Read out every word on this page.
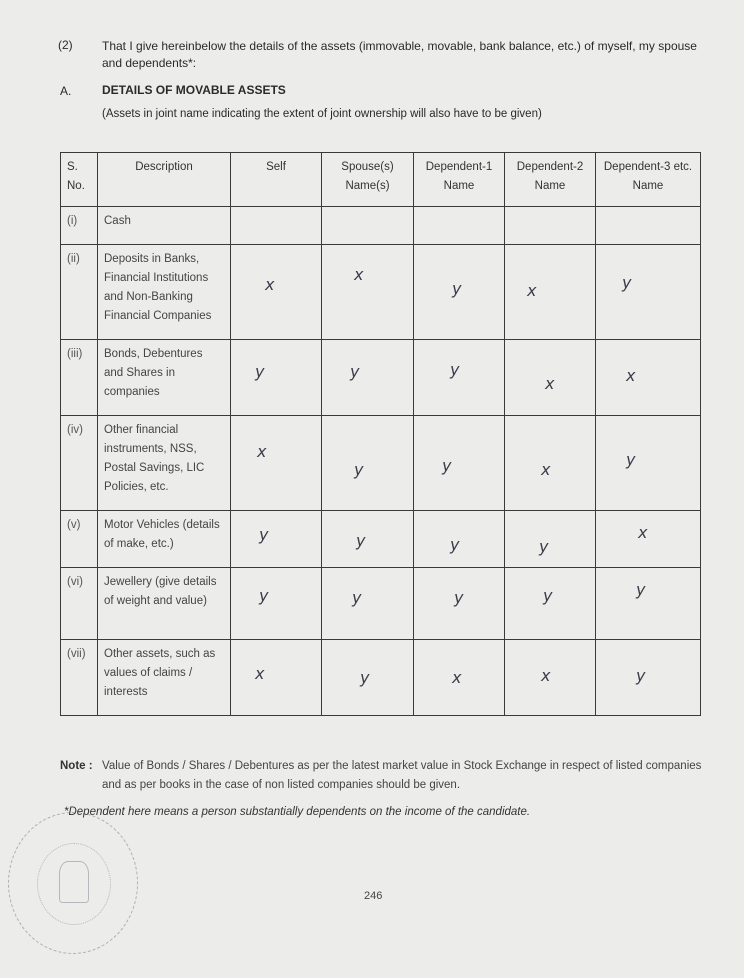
(2) That I give hereinbelow the details of the assets (immovable, movable, bank balance, etc.) of myself, my spouse and dependents*:
A.	DETAILS OF MOVABLE ASSETS
(Assets in joint name indicating the extent of joint ownership will also have to be given)
S. No.	Description	Self	Spouse(s) Name(s)	Dependent-1 Name	Dependent-2 Name	Dependent-3 etc. Name
(i)	Cash					
(ii)	Deposits in Banks, Financial Institutions and Non-Banking Financial Companies	x	x	y	x	y

(iii)	Bonds, Debentures and Shares in companies	y	y	y	x	x

(iv)	Other financial instruments, NSS, Postal Savings, LIC Policies, etc.	x	y	y	x	y

(v)	Motor Vehicles (details of make, etc.)	y	y	y	y	x

(vi)	Jewellery (give details of weight and value)	y	y	y	y	y

(vii)	Other assets, such as values of claims / interests	x	y	x	x	y
Note : Value of Bonds / Shares / Debentures as per the latest market value in Stock Exchange in respect of listed companies and as per books in the case of non listed companies should be given.
*Dependent here means a person substantially dependents on the income of the candidate.
246
